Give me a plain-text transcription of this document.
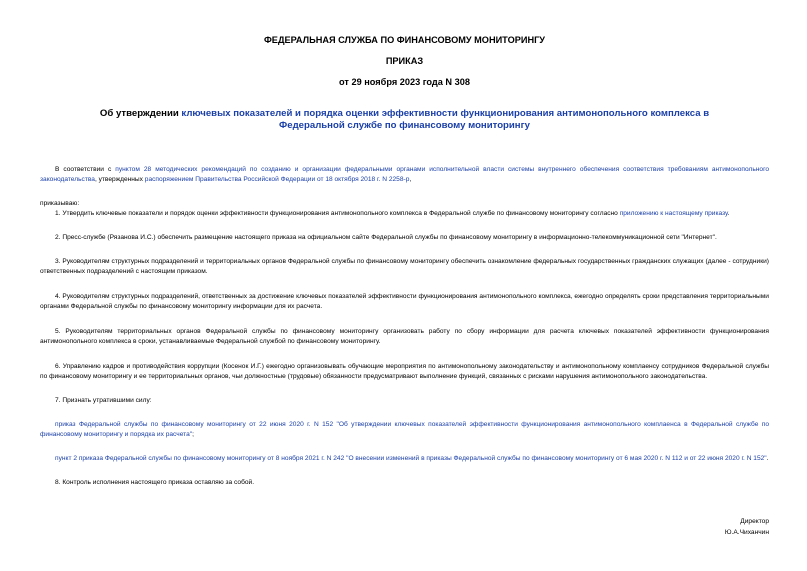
ФЕДЕРАЛЬНАЯ СЛУЖБА ПО ФИНАНСОВОМУ МОНИТОРИНГУ

ПРИКАЗ

от 29 ноября 2023 года N 308

Об утверждении ключевых показателей и порядка оценки эффективности функционирования антимонопольного комплекса в Федеральной службе по финансовому мониторингу

В соответствии с пунктом 28 методических рекомендаций по созданию и организации федеральными органами исполнительной власти системы внутреннего обеспечения соответствия требованиям антимонопольного законодательства, утвержденных распоряжением Правительства Российской Федерации от 18 октября 2018 г. N 2258-р,

приказываю:

1. Утвердить ключевые показатели и порядок оценки эффективности функционирования антимонопольного комплекса в Федеральной службе по финансовому мониторингу согласно приложению к настоящему приказу.

2. Пресс-службе (Рязанова И.С.) обеспечить размещение настоящего приказа на официальном сайте Федеральной службы по финансовому мониторингу в информационно-телекоммуникационной сети "Интернет".

3. Руководителям структурных подразделений и территориальных органов Федеральной службы по финансовому мониторингу обеспечить ознакомление федеральных государственных гражданских служащих (далее - сотрудники) ответственных подразделений с настоящим приказом.

4. Руководителям структурных подразделений, ответственных за достижение ключевых показателей эффективности функционирования антимонопольного комплекса, ежегодно определять сроки представления территориальными органами Федеральной службы по финансовому мониторингу информации для их расчета.

5. Руководителям территориальных органов Федеральной службы по финансовому мониторингу организовать работу по сбору информации для расчета ключевых показателей эффективности функционирования антимонопольного комплекса в сроки, устанавливаемые Федеральной службой по финансовому мониторингу.

6. Управлению кадров и противодействия коррупции (Косенок И.Г.) ежегодно организовывать обучающие мероприятия по антимонопольному законодательству и антимонопольному комплаенсу сотрудников Федеральной службы по финансовому мониторингу и ее территориальных органов, чьи должностные (трудовые) обязанности предусматривают выполнение функций, связанных с рисками нарушения антимонопольного законодательства.

7. Признать утратившими силу:

приказ Федеральной службы по финансовому мониторингу от 22 июня 2020 г. N 152 "Об утверждении ключевых показателей эффективности функционирования антимонопольного комплаенса в Федеральной службе по финансовому мониторингу и порядка их расчета";

пункт 2 приказа Федеральной службы по финансовому мониторингу от 8 ноября 2021 г. N 242 "О внесении изменений в приказы Федеральной службы по финансовому мониторингу от 6 мая 2020 г. N 112 и от 22 июня 2020 г. N 152".

8. Контроль исполнения настоящего приказа оставляю за собой.

Директор
Ю.А.Чиханчин
